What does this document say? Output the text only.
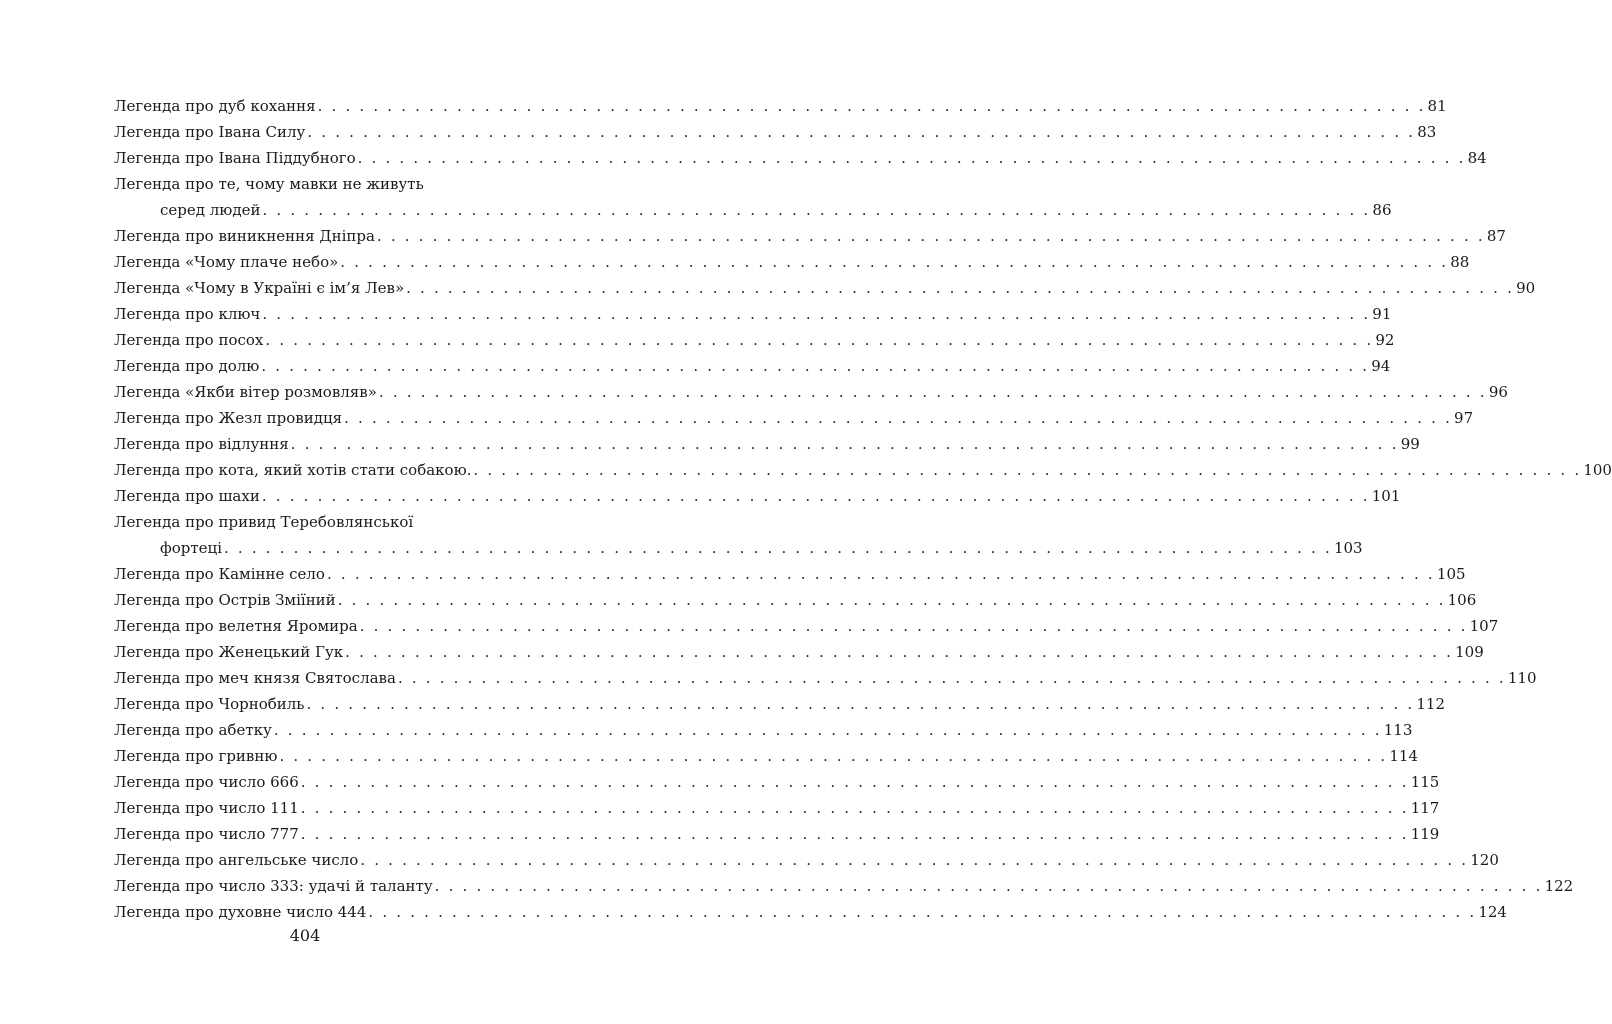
Легенда про дуб кохання . . . . . . . . . . . . . . . . . . . . . . . . . . . . . . . . . . . . . . . . . . . . . . . . . . . . . . . . . . . . . . . . . . . . . . . . . . . . . . . . 81
Легенда про Івана Силу . . . . . . . . . . . . . . . . . . . . . . . . . . . . . . . . . . . . . . . . . . . . . . . . . . . . . . . . . . . . . . . . . . . . . . . . . . . . . . . . 83
Легенда про Івана Піддубного . . . . . . . . . . . . . . . . . . . . . . . . . . . . . . . . . . . . . . . . . . . . . . . . . . . . . . . . . . . . . . . . . . . . . . . . . . . . . . . . 84
Легенда про те, чому мавки не живуть
серед людей . . . . . . . . . . . . . . . . . . . . . . . . . . . . . . . . . . . . . . . . . . . . . . . . . . . . . . . . . . . . . . . . . . . . . . . . . . . . . . . . 86
Легенда про виникнення Дніпра . . . . . . . . . . . . . . . . . . . . . . . . . . . . . . . . . . . . . . . . . . . . . . . . . . . . . . . . . . . . . . . . . . . . . . . . . . . . . . . . 87
Легенда «Чому плаче небо» . . . . . . . . . . . . . . . . . . . . . . . . . . . . . . . . . . . . . . . . . . . . . . . . . . . . . . . . . . . . . . . . . . . . . . . . . . . . . . . . 88
Легенда «Чому в Україні є ім’я Лев» . . . . . . . . . . . . . . . . . . . . . . . . . . . . . . . . . . . . . . . . . . . . . . . . . . . . . . . . . . . . . . . . . . . . . . . . . . . . . . . . 90
Легенда про ключ . . . . . . . . . . . . . . . . . . . . . . . . . . . . . . . . . . . . . . . . . . . . . . . . . . . . . . . . . . . . . . . . . . . . . . . . . . . . . . . . 91
Легенда про посох . . . . . . . . . . . . . . . . . . . . . . . . . . . . . . . . . . . . . . . . . . . . . . . . . . . . . . . . . . . . . . . . . . . . . . . . . . . . . . . . 92
Легенда про долю . . . . . . . . . . . . . . . . . . . . . . . . . . . . . . . . . . . . . . . . . . . . . . . . . . . . . . . . . . . . . . . . . . . . . . . . . . . . . . . . 94
Легенда «Якби вітер розмовляв» . . . . . . . . . . . . . . . . . . . . . . . . . . . . . . . . . . . . . . . . . . . . . . . . . . . . . . . . . . . . . . . . . . . . . . . . . . . . . . . . 96
Легенда про Жезл провидця . . . . . . . . . . . . . . . . . . . . . . . . . . . . . . . . . . . . . . . . . . . . . . . . . . . . . . . . . . . . . . . . . . . . . . . . . . . . . . . . 97
Легенда про відлуння . . . . . . . . . . . . . . . . . . . . . . . . . . . . . . . . . . . . . . . . . . . . . . . . . . . . . . . . . . . . . . . . . . . . . . . . . . . . . . . . 99
Легенда про кота, який хотів стати собакою. . . . . . . . . . . . . . . . . . . . . . . . . . . . . . . . . . . . . . . . . . . . . . . . . . . . . . . . . . . . . . . . . . . . . . . . . . . . . . . . . 100
Легенда про шахи . . . . . . . . . . . . . . . . . . . . . . . . . . . . . . . . . . . . . . . . . . . . . . . . . . . . . . . . . . . . . . . . . . . . . . . . . . . . . . . . 101
Легенда про привид Теребовлянської
фортеці . . . . . . . . . . . . . . . . . . . . . . . . . . . . . . . . . . . . . . . . . . . . . . . . . . . . . . . . . . . . . . . . . . . . . . . . . . . . . . . . 103
Легенда про Камінне село . . . . . . . . . . . . . . . . . . . . . . . . . . . . . . . . . . . . . . . . . . . . . . . . . . . . . . . . . . . . . . . . . . . . . . . . . . . . . . . . 105
Легенда про Острів Зміїний . . . . . . . . . . . . . . . . . . . . . . . . . . . . . . . . . . . . . . . . . . . . . . . . . . . . . . . . . . . . . . . . . . . . . . . . . . . . . . . . 106
Легенда про велетня Яромира . . . . . . . . . . . . . . . . . . . . . . . . . . . . . . . . . . . . . . . . . . . . . . . . . . . . . . . . . . . . . . . . . . . . . . . . . . . . . . . . 107
Легенда про Женецький Гук . . . . . . . . . . . . . . . . . . . . . . . . . . . . . . . . . . . . . . . . . . . . . . . . . . . . . . . . . . . . . . . . . . . . . . . . . . . . . . . . 109
Легенда про меч князя Святослава . . . . . . . . . . . . . . . . . . . . . . . . . . . . . . . . . . . . . . . . . . . . . . . . . . . . . . . . . . . . . . . . . . . . . . . . . . . . . . . . 110
Легенда про Чорнобиль . . . . . . . . . . . . . . . . . . . . . . . . . . . . . . . . . . . . . . . . . . . . . . . . . . . . . . . . . . . . . . . . . . . . . . . . . . . . . . . . 112
Легенда про абетку . . . . . . . . . . . . . . . . . . . . . . . . . . . . . . . . . . . . . . . . . . . . . . . . . . . . . . . . . . . . . . . . . . . . . . . . . . . . . . . . 113
Легенда про гривню . . . . . . . . . . . . . . . . . . . . . . . . . . . . . . . . . . . . . . . . . . . . . . . . . . . . . . . . . . . . . . . . . . . . . . . . . . . . . . . . 114
Легенда про число 666 . . . . . . . . . . . . . . . . . . . . . . . . . . . . . . . . . . . . . . . . . . . . . . . . . . . . . . . . . . . . . . . . . . . . . . . . . . . . . . . . 115
Легенда про число 111 . . . . . . . . . . . . . . . . . . . . . . . . . . . . . . . . . . . . . . . . . . . . . . . . . . . . . . . . . . . . . . . . . . . . . . . . . . . . . . . . 117
Легенда про число 777 . . . . . . . . . . . . . . . . . . . . . . . . . . . . . . . . . . . . . . . . . . . . . . . . . . . . . . . . . . . . . . . . . . . . . . . . . . . . . . . . 119
Легенда про ангельське число . . . . . . . . . . . . . . . . . . . . . . . . . . . . . . . . . . . . . . . . . . . . . . . . . . . . . . . . . . . . . . . . . . . . . . . . . . . . . . . . 120
Легенда про число 333: удачі й таланту . . . . . . . . . . . . . . . . . . . . . . . . . . . . . . . . . . . . . . . . . . . . . . . . . . . . . . . . . . . . . . . . . . . . . . . . . . . . . . . . 122
Легенда про духовне число 444 . . . . . . . . . . . . . . . . . . . . . . . . . . . . . . . . . . . . . . . . . . . . . . . . . . . . . . . . . . . . . . . . . . . . . . . . . . . . . . . . 124
404
